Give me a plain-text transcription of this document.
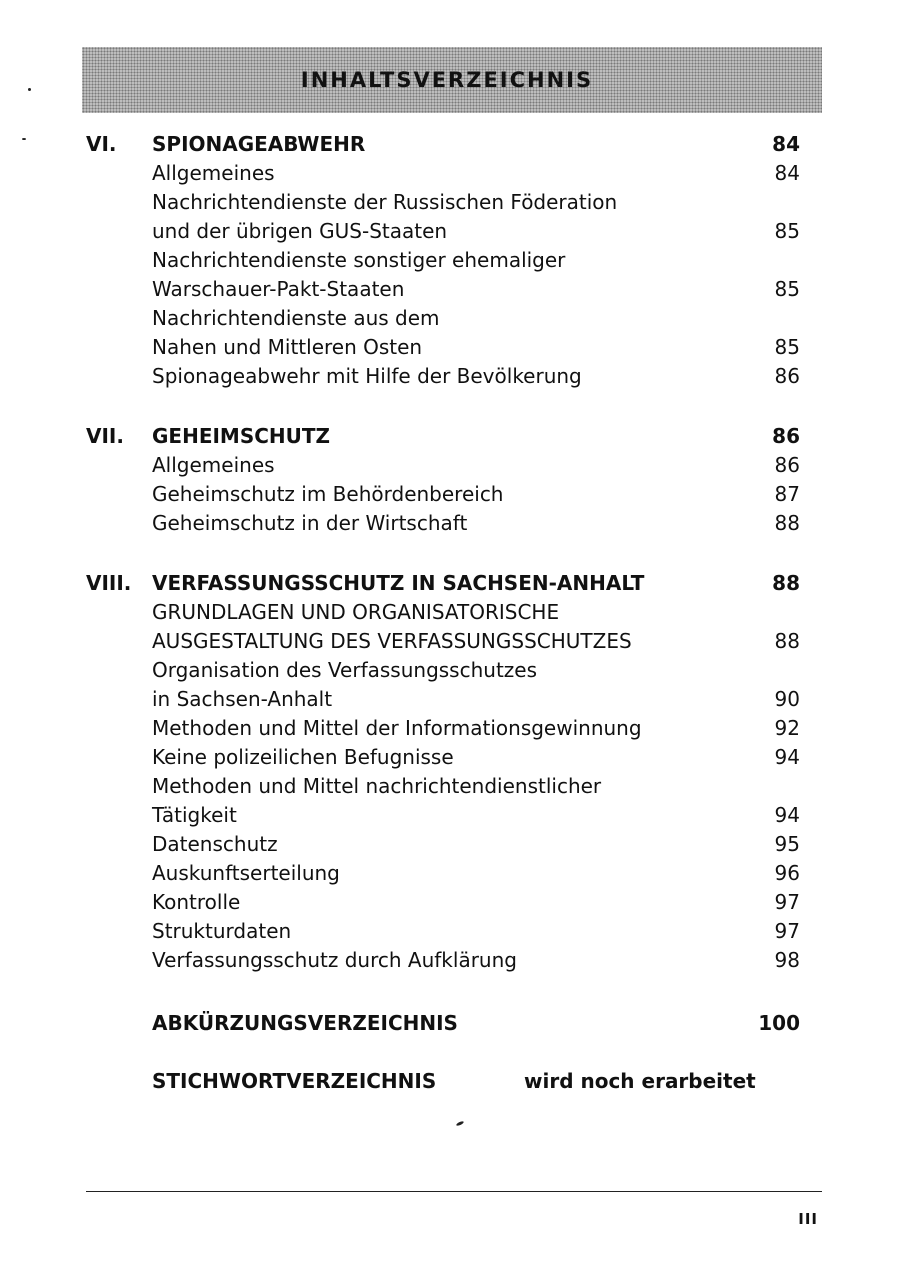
INHALTSVERZEICHNIS
VI. SPIONAGEABWEHR	84
Allgemeines	84
Nachrichtendienste der Russischen Föderation
und der übrigen GUS-Staaten	85
Nachrichtendienste sonstiger ehemaliger
Warschauer-Pakt-Staaten	85
Nachrichtendienste aus dem
Nahen und Mittleren Osten	85
Spionageabwehr mit Hilfe der Bevölkerung	86
VII. GEHEIMSCHUTZ	86
Allgemeines	86
Geheimschutz im Behördenbereich	87
Geheimschutz in der Wirtschaft	88
VIII. VERFASSUNGSSCHUTZ IN SACHSEN-ANHALT	88
GRUNDLAGEN UND ORGANISATORISCHE
AUSGESTALTUNG DES VERFASSUNGSSCHUTZES	88
Organisation des Verfassungsschutzes
in Sachsen-Anhalt	90
Methoden und Mittel der Informationsgewinnung	92
Keine polizeilichen Befugnisse	94
Methoden und Mittel nachrichtendienstlicher
Tätigkeit	94
Datenschutz	95
Auskunftserteilung	96
Kontrolle	97
Strukturdaten	97
Verfassungsschutz durch Aufklärung	98
ABKÜRZUNGSVERZEICHNIS	100
STICHWORTVERZEICHNIS	wird noch erarbeitet
III
